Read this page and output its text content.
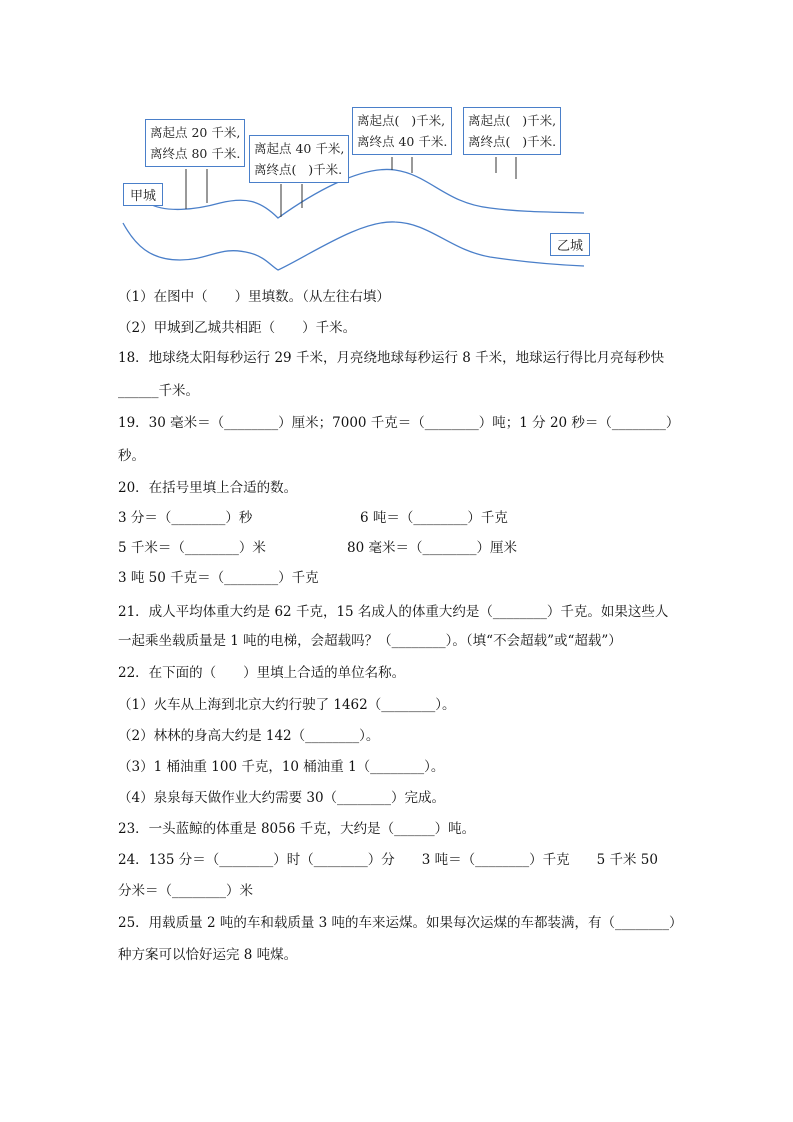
甲城
乙城
离起点 20 千米,
离终点 80 千米. 离起点 40 千米,
离终点(   )千米.
离起点(   )千米,
离终点 40 千米.
离起点(   )千米,
离终点(   )千米.
（1）在图中（　　）里填数。（从左往右填）
（2）甲城到乙城共相距（　　）千米。
18．地球绕太阳每秒运行 29 千米，月亮绕地球每秒运行 8 千米，地球运行得比月亮每秒快
______千米。
19．30 毫米＝（________）厘米；7000 千克＝（________）吨；1 分 20 秒＝（________）
秒。
20．在括号里填上合适的数。
3 分＝（________）秒	6 吨＝（________）千克
5 千米＝（________）米	80 毫米＝（________）厘米
3 吨 50 千克＝（________）千克
21．成人平均体重大约是 62 千克，15 名成人的体重大约是（________）千克。如果这些人
一起乘坐载质量是 1 吨的电梯，会超载吗？（________）。（填“不会超载”或“超载”）
22．在下面的（　　）里填上合适的单位名称。
（1）火车从上海到北京大约行驶了 1462（________）。
（2）林林的身高大约是 142（________）。
（3）1 桶油重 100 千克，10 桶油重 1（________）。
（4）泉泉每天做作业大约需要 30（________）完成。
23．一头蓝鲸的体重是 8056 千克，大约是（______）吨。
24．135 分＝（________）时（________）分　　3 吨＝（________）千克　　5 千米 50
分米＝（________）米
25．用载质量 2 吨的车和载质量 3 吨的车来运煤。如果每次运煤的车都装满，有（________）
种方案可以恰好运完 8 吨煤。
